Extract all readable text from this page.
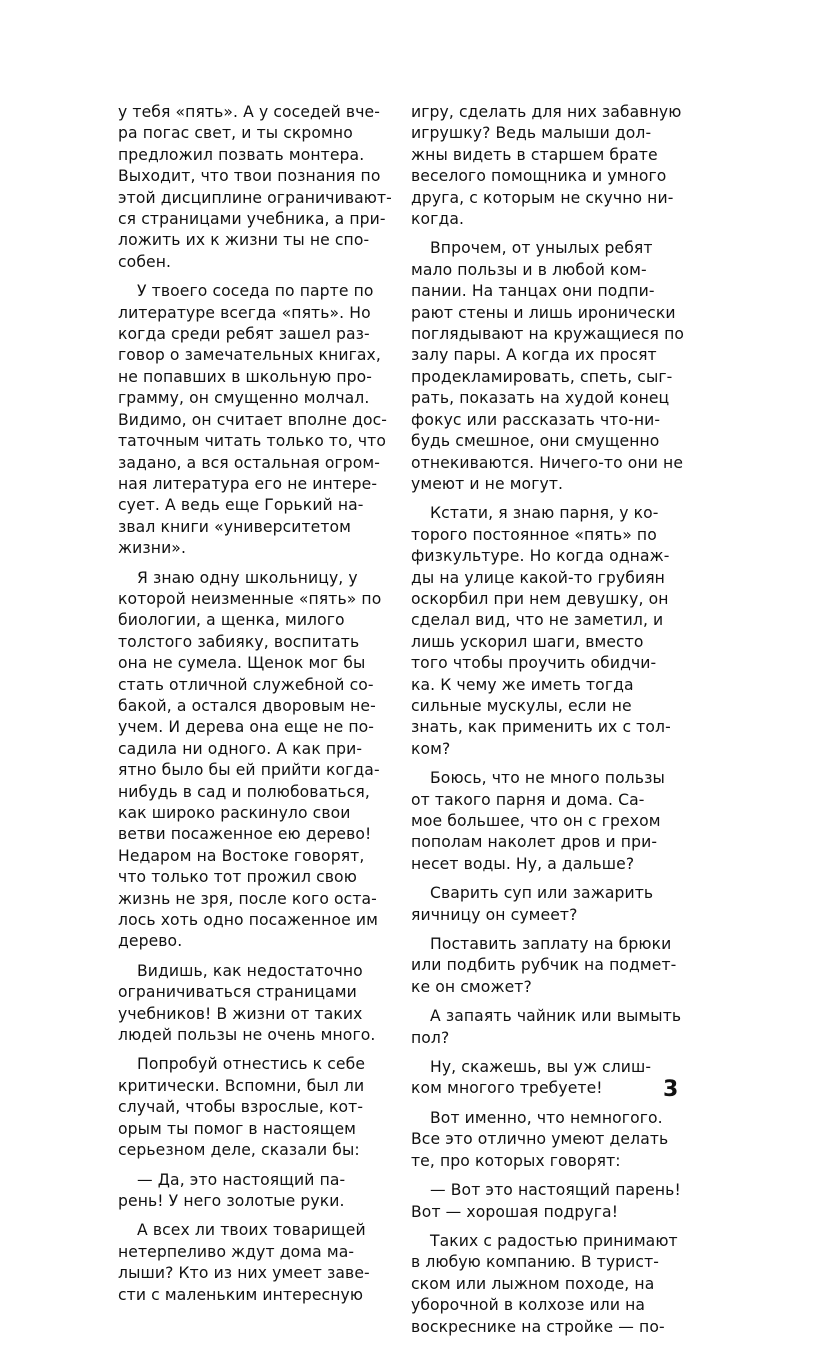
у тебя «пять». А у соседей вче-
ра погас свет, и ты скромно
предложил позвать монтера.
Выходит, что твои познания по
этой дисциплине ограничивают-
ся страницами учебника, а при-
ложить их к жизни ты не спо-
собен.

У твоего соседа по парте по
литературе всегда «пять». Но
когда среди ребят зашел раз-
говор о замечательных книгах,
не попавших в школьную про-
грамму, он смущенно молчал.
Видимо, он считает вполне дос-
таточным читать только то, что
задано, а вся остальная огром-
ная литература его не интере-
сует. А ведь еще Горький на-
звал книги «университетом
жизни».

Я знаю одну школьницу, у
которой неизменные «пять» по
биологии, а щенка, милого
толстого забияку, воспитать
она не сумела. Щенок мог бы
стать отличной служебной со-
бакой, а остался дворовым не-
учем. И дерева она еще не по-
садила ни одного. А как при-
ятно было бы ей прийти когда-
нибудь в сад и полюбоваться,
как широко раскинуло свои
ветви посаженное ею дерево!
Недаром на Востоке говорят,
что только тот прожил свою
жизнь не зря, после кого оста-
лось хоть одно посаженное им
дерево.

Видишь, как недостаточно
ограничиваться страницами
учебников! В жизни от таких
людей пользы не очень много.

Попробуй отнестись к себе
критически. Вспомни, был ли
случай, чтобы взрослые, кот-
орым ты помог в настоящем
серьезном деле, сказали бы:

— Да, это настоящий па-
рень! У него золотые руки.

А всех ли твоих товарищей
нетерпеливо ждут дома ма-
лыши? Кто из них умеет заве-
сти с маленьким интересную

игру, сделать для них забавную
игрушку? Ведь малыши дол-
жны видеть в старшем брате
веселого помощника и умного
друга, с которым не скучно ни-
когда.

Впрочем, от унылых ребят
мало пользы и в любой ком-
пании. На танцах они подпи-
рают стены и лишь иронически
поглядывают на кружащиеся по
залу пары. А когда их просят
продекламировать, спеть, сыг-
рать, показать на худой конец
фокус или рассказать что-ни-
будь смешное, они смущенно
отнекиваются. Ничего-то они не
умеют и не могут.

Кстати, я знаю парня, у ко-
торого постоянное «пять» по
физкультуре. Но когда однаж-
ды на улице какой-то грубиян
оскорбил при нем девушку, он
сделал вид, что не заметил, и
лишь ускорил шаги, вместо
того чтобы проучить обидчи-
ка. К чему же иметь тогда
сильные мускулы, если не
знать, как применить их с тол-
ком?

Боюсь, что не много пользы
от такого парня и дома. Са-
мое большее, что он с грехом
пополам наколет дров и при-
несет воды. Ну, а дальше?

Сварить суп или зажарить
яичницу он сумеет?

Поставить заплату на брюки
или подбить рубчик на подмет-
ке он сможет?

А запаять чайник или вымыть
пол?

Ну, скажешь, вы уж слиш-
ком многого требуете!

Вот именно, что немногого.
Все это отлично умеют делать
те, про которых говорят:

— Вот это настоящий парень!
Вот — хорошая подруга!

Таких с радостью принимают
в любую компанию. В турист-
ском или лыжном походе, на
уборочной в колхозе или на
воскреснике на стройке — по-

3
